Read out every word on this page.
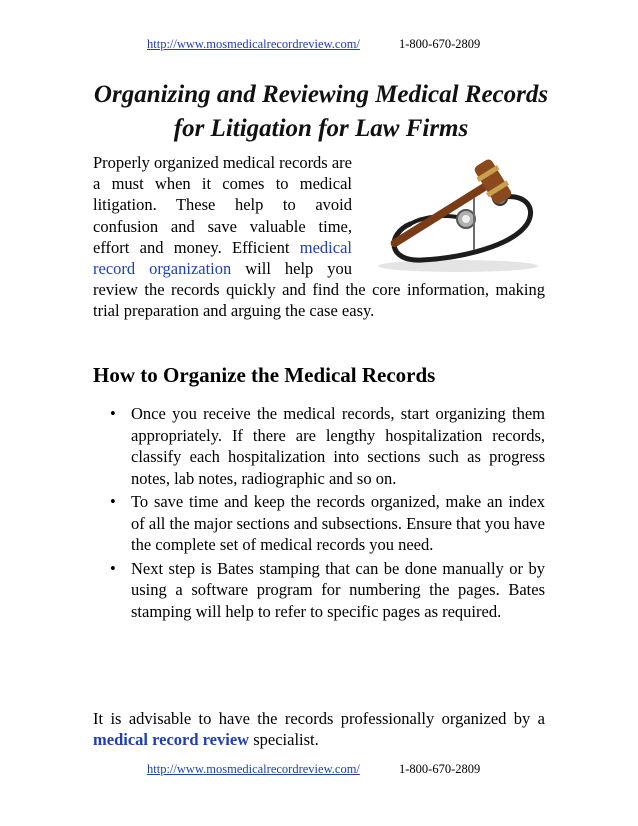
http://www.mosmedicalrecordreview.com/	1-800-670-2809
Organizing and Reviewing Medical Records for Litigation for Law Firms

Properly organized medical records are a must when it comes to medical litigation. These help to avoid confusion and save valuable time, effort and money. Efficient medical record organization will help you review the records quickly and find the core information, making trial preparation and arguing the case easy.

How to Organize the Medical Records
• Once you receive the medical records, start organizing them appropriately. If there are lengthy hospitalization records, classify each hospitalization into sections such as progress notes, lab notes, radiographic and so on.
• To save time and keep the records organized, make an index of all the major sections and subsections. Ensure that you have the complete set of medical records you need.
• Next step is Bates stamping that can be done manually or by using a software program for numbering the pages. Bates stamping will help to refer to specific pages as required.

It is advisable to have the records professionally organized by a medical record review specialist.

http://www.mosmedicalrecordreview.com/	1-800-670-2809
